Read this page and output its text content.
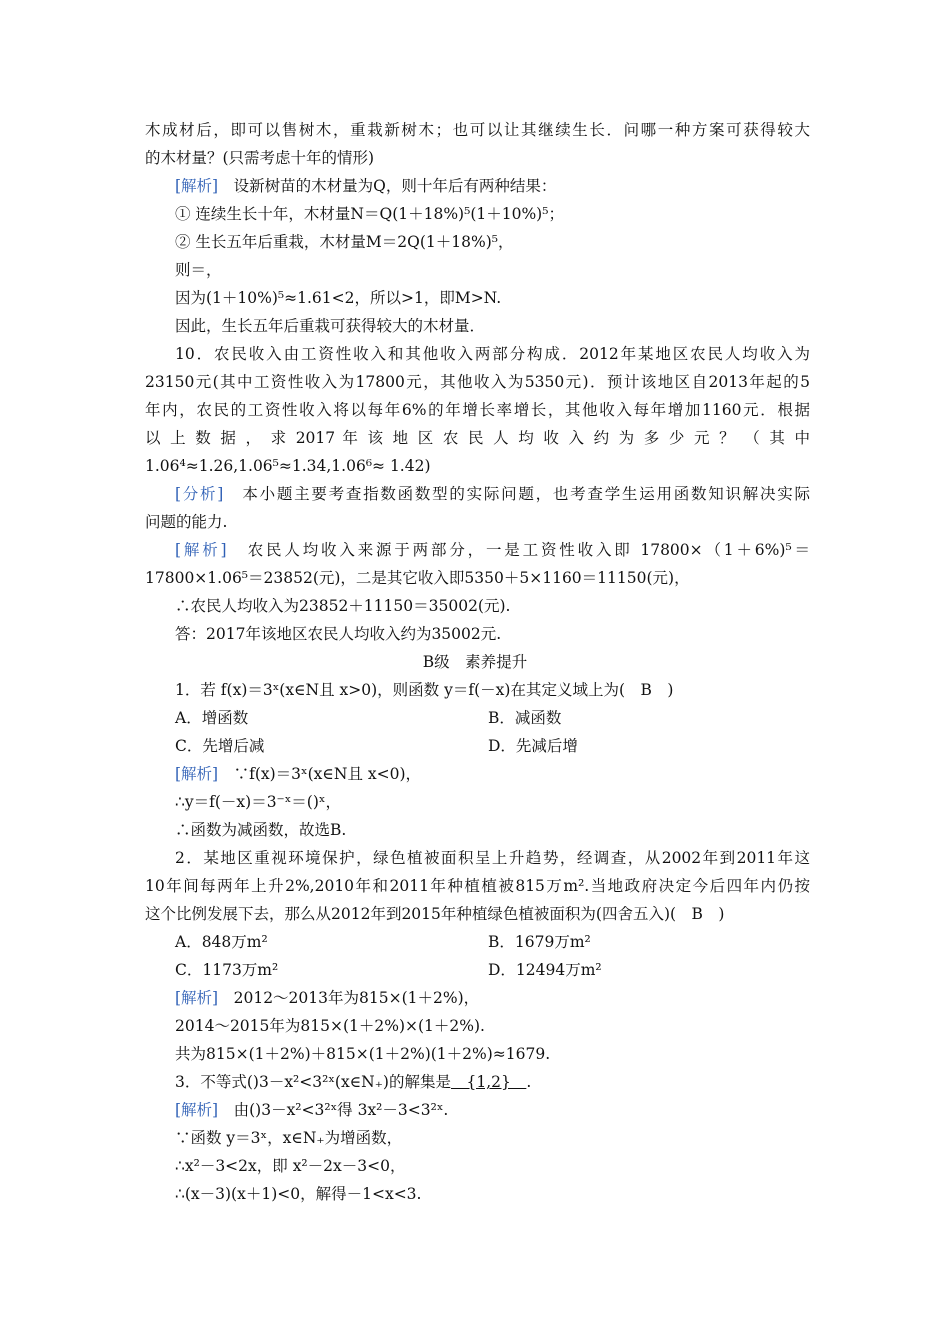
木成材后，即可以售树木，重栽新树木；也可以让其继续生长．问哪一种方案可获得较大
的木材量？(只需考虑十年的情形)
[解析]　设新树苗的木材量为Q，则十年后有两种结果：
① 连续生长十年，木材量N＝Q(1＋18%)⁵(1＋10%)⁵；
② 生长五年后重栽，木材量M＝2Q(1＋18%)⁵，
则＝，
因为(1＋10%)⁵≈1.61<2，所以>1，即M>N.
因此，生长五年后重栽可获得较大的木材量．
10．农民收入由工资性收入和其他收入两部分构成．2012年某地区农民人均收入为
23150元(其中工资性收入为17800元，其他收入为5350元)．预计该地区自2013年起的5
年内，农民的工资性收入将以每年6%的年增长率增长，其他收入每年增加1160元．根据
以 上 数 据 ， 求 2017 年 该 地 区 农 民 人 均 收 入 约 为 多 少 元 ？ （ 其 中
1.06⁴≈1.26,1.06⁵≈1.34,1.06⁶≈ 1.42)
[分析]　本小题主要考查指数函数型的实际问题，也考查学生运用函数知识解决实际
问题的能力.
[解析]　农民人均收入来源于两部分，一是工资性收入即 17800×（1＋6%)⁵＝
17800×1.06⁵＝23852(元)，二是其它收入即5350＋5×1160＝11150(元)，
∴农民人均收入为23852＋11150＝35002(元).
答：2017年该地区农民人均收入约为35002元.
B级　素养提升
1．若 f(x)＝3ˣ(x∈N且 x>0)，则函数 y＝f(－x)在其定义域上为(　B　)
A．增函数	B．减函数
C．先增后减	D．先减后增
[解析]　∵f(x)＝3ˣ(x∈N且 x<0)，
∴y＝f(－x)＝3⁻ˣ＝()ˣ，
∴函数为减函数，故选B.
2．某地区重视环境保护，绿色植被面积呈上升趋势，经调查，从2002年到2011年这
10年间每两年上升2%,2010年和2011年种植植被815万m².当地政府决定今后四年内仍按
这个比例发展下去，那么从2012年到2015年种植绿色植被面积为(四舍五入)(　B　)
A．848万m²	B．1679万m²
C．1173万m²	D．12494万m²
[解析]　2012～2013年为815×(1＋2%)，
2014～2015年为815×(1＋2%)×(1＋2%).
共为815×(1＋2%)＋815×(1＋2%)(1＋2%)≈1679.
3．不等式()3－x²<3²ˣ(x∈N₊)的解集是　{1,2}　.
[解析]　由()3－x²<3²ˣ得 3x²－3<3²ˣ.
∵函数 y＝3ˣ，x∈N₊为增函数，
∴x²－3<2x，即 x²－2x－3<0，
∴(x－3)(x＋1)<0，解得－1<x<3.
